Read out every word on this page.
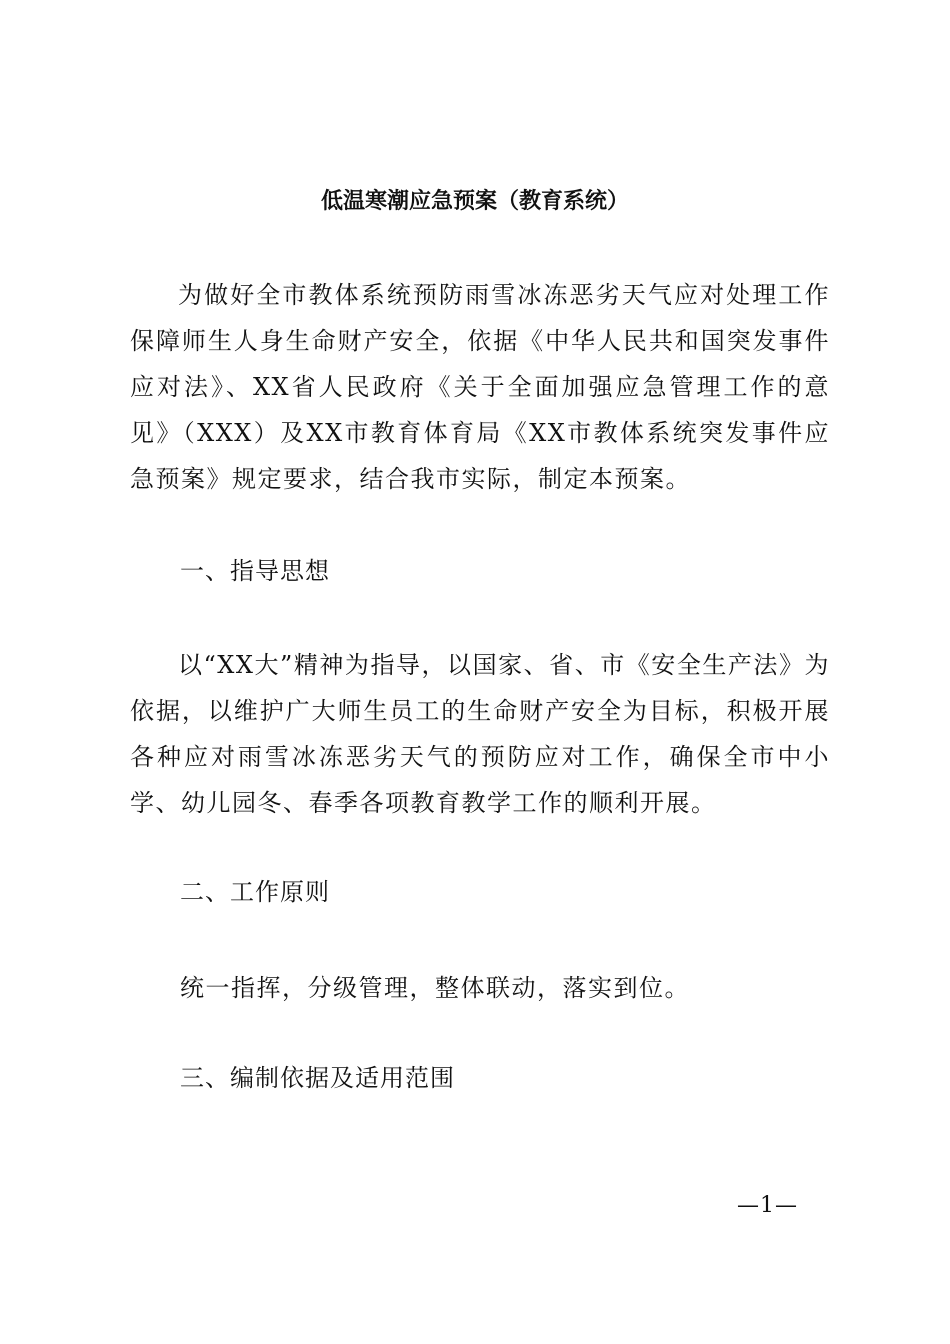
低温寒潮应急预案（教育系统）

为做好全市教体系统预防雨雪冰冻恶劣天气应对处理工作保障师生人身生命财产安全，依据《中华人民共和国突发事件应对法》、XX省人民政府《关于全面加强应急管理工作的意见》（XXX）及XX市教育体育局《XX市教体系统突发事件应急预案》规定要求，结合我市实际，制定本预案。

一、指导思想

以“XX大”精神为指导，以国家、省、市《安全生产法》为依据，以维护广大师生员工的生命财产安全为目标，积极开展各种应对雨雪冰冻恶劣天气的预防应对工作，确保全市中小学、幼儿园冬、春季各项教育教学工作的顺利开展。

二、工作原则

统一指挥，分级管理，整体联动，落实到位。

三、编制依据及适用范围

—1—
